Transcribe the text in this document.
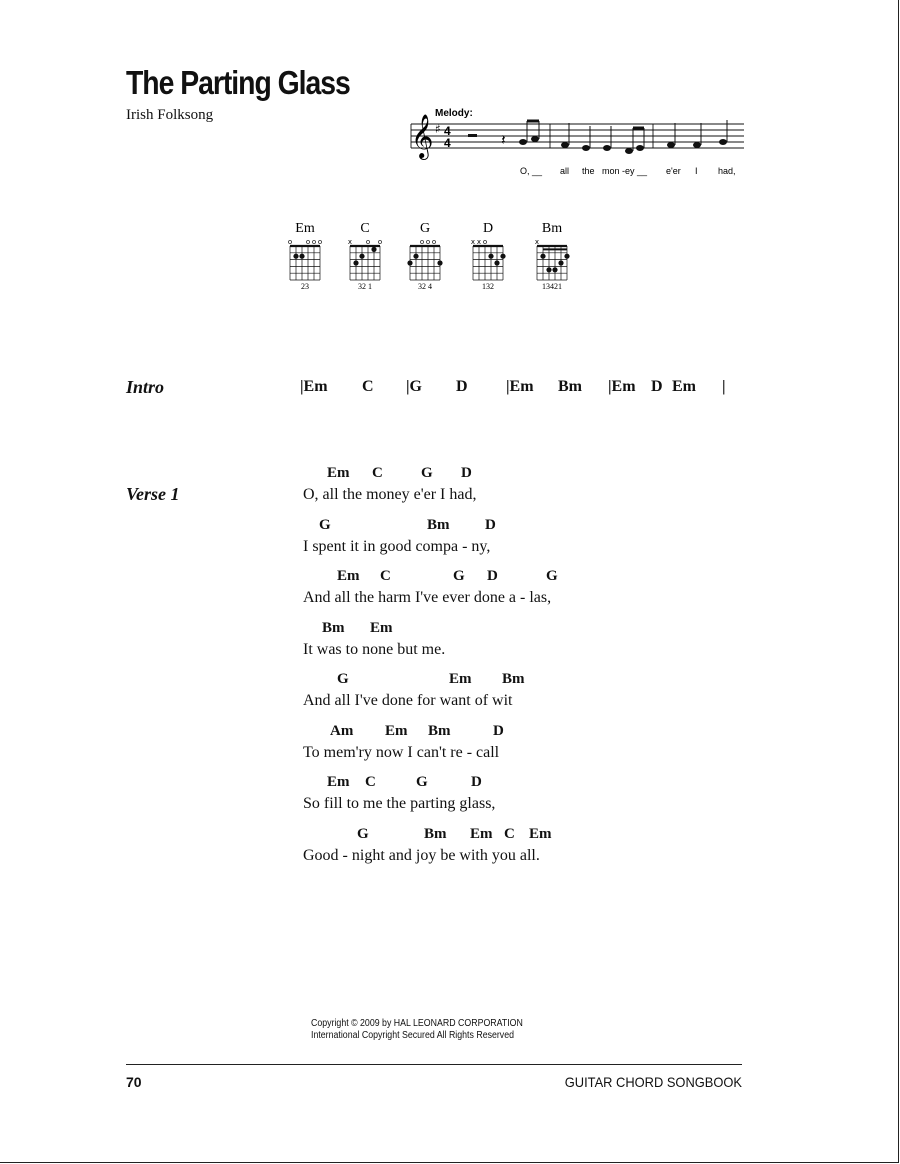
The Parting Glass
Irish Folksong	Melody:
𝄞 ♯ 4
4	𝄽
O, __ all the mon - ey __ e'er I had,
Em
o o o o
23
C
x o o
32 1
G
o o o
32 4
D
x x o
132
Bm
x
13421
Intro

	|Em

C

|G

D

|Em

Bm

|Em

D

Em

|

Verse 1
Em C	G D
O, all the money e'er I had,
G	Bm D
I spent it in good compa - ny,
Em C	G D	G
And all the harm I've ever done a - las,
Bm Em
It was to none but me.
G	Em Bm
And all I've done for want of wit
Am Em Bm	D
To mem'ry now I can't re - call
Em C	G	D
So fill to me the parting glass,
G	Bm Em C Em
Good - night and joy be with you all.
Copyright © 2009 by HAL LEONARD CORPORATION
International Copyright Secured All Rights Reserved
70	GUITAR CHORD SONGBOOK
